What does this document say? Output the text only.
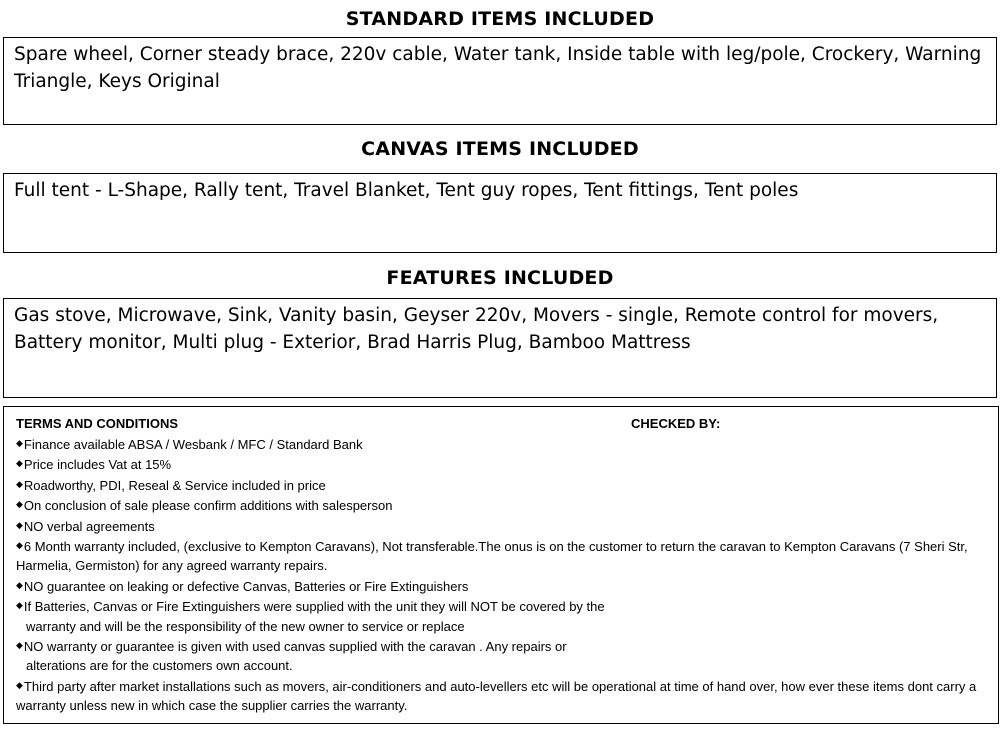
STANDARD ITEMS INCLUDED
Spare wheel, Corner steady brace, 220v cable, Water tank, Inside table with leg/pole, Crockery, Warning Triangle, Keys Original
CANVAS ITEMS INCLUDED
Full tent - L-Shape, Rally tent, Travel Blanket, Tent guy ropes, Tent fittings, Tent poles
FEATURES INCLUDED
Gas stove, Microwave, Sink, Vanity basin, Geyser 220v, Movers - single, Remote control for movers, Battery monitor, Multi plug - Exterior, Brad Harris Plug, Bamboo Mattress
TERMS AND CONDITIONS	CHECKED BY:
◆Finance available ABSA / Wesbank / MFC / Standard Bank
◆Price includes Vat at 15%
◆Roadworthy, PDI, Reseal & Service included in price
◆On conclusion of sale please confirm additions with salesperson
◆NO verbal agreements
◆6 Month warranty included, (exclusive to Kempton Caravans), Not transferable.The onus is on the customer to return the caravan to Kempton Caravans (7 Sheri Str, Harmelia, Germiston) for any agreed warranty repairs.
◆NO guarantee on leaking or defective Canvas, Batteries or Fire Extinguishers
◆If Batteries, Canvas or Fire Extinguishers were supplied with the unit they will NOT be covered by the
warranty and will be the responsibility of the new owner to service or replace
◆NO warranty or guarantee is given with used canvas supplied with the caravan . Any repairs or
alterations are for the customers own account.
◆Third party after market installations such as movers, air-conditioners and auto-levellers etc will be operational at time of hand over, how ever these items dont carry a warranty unless new in which case the supplier carries the warranty.
